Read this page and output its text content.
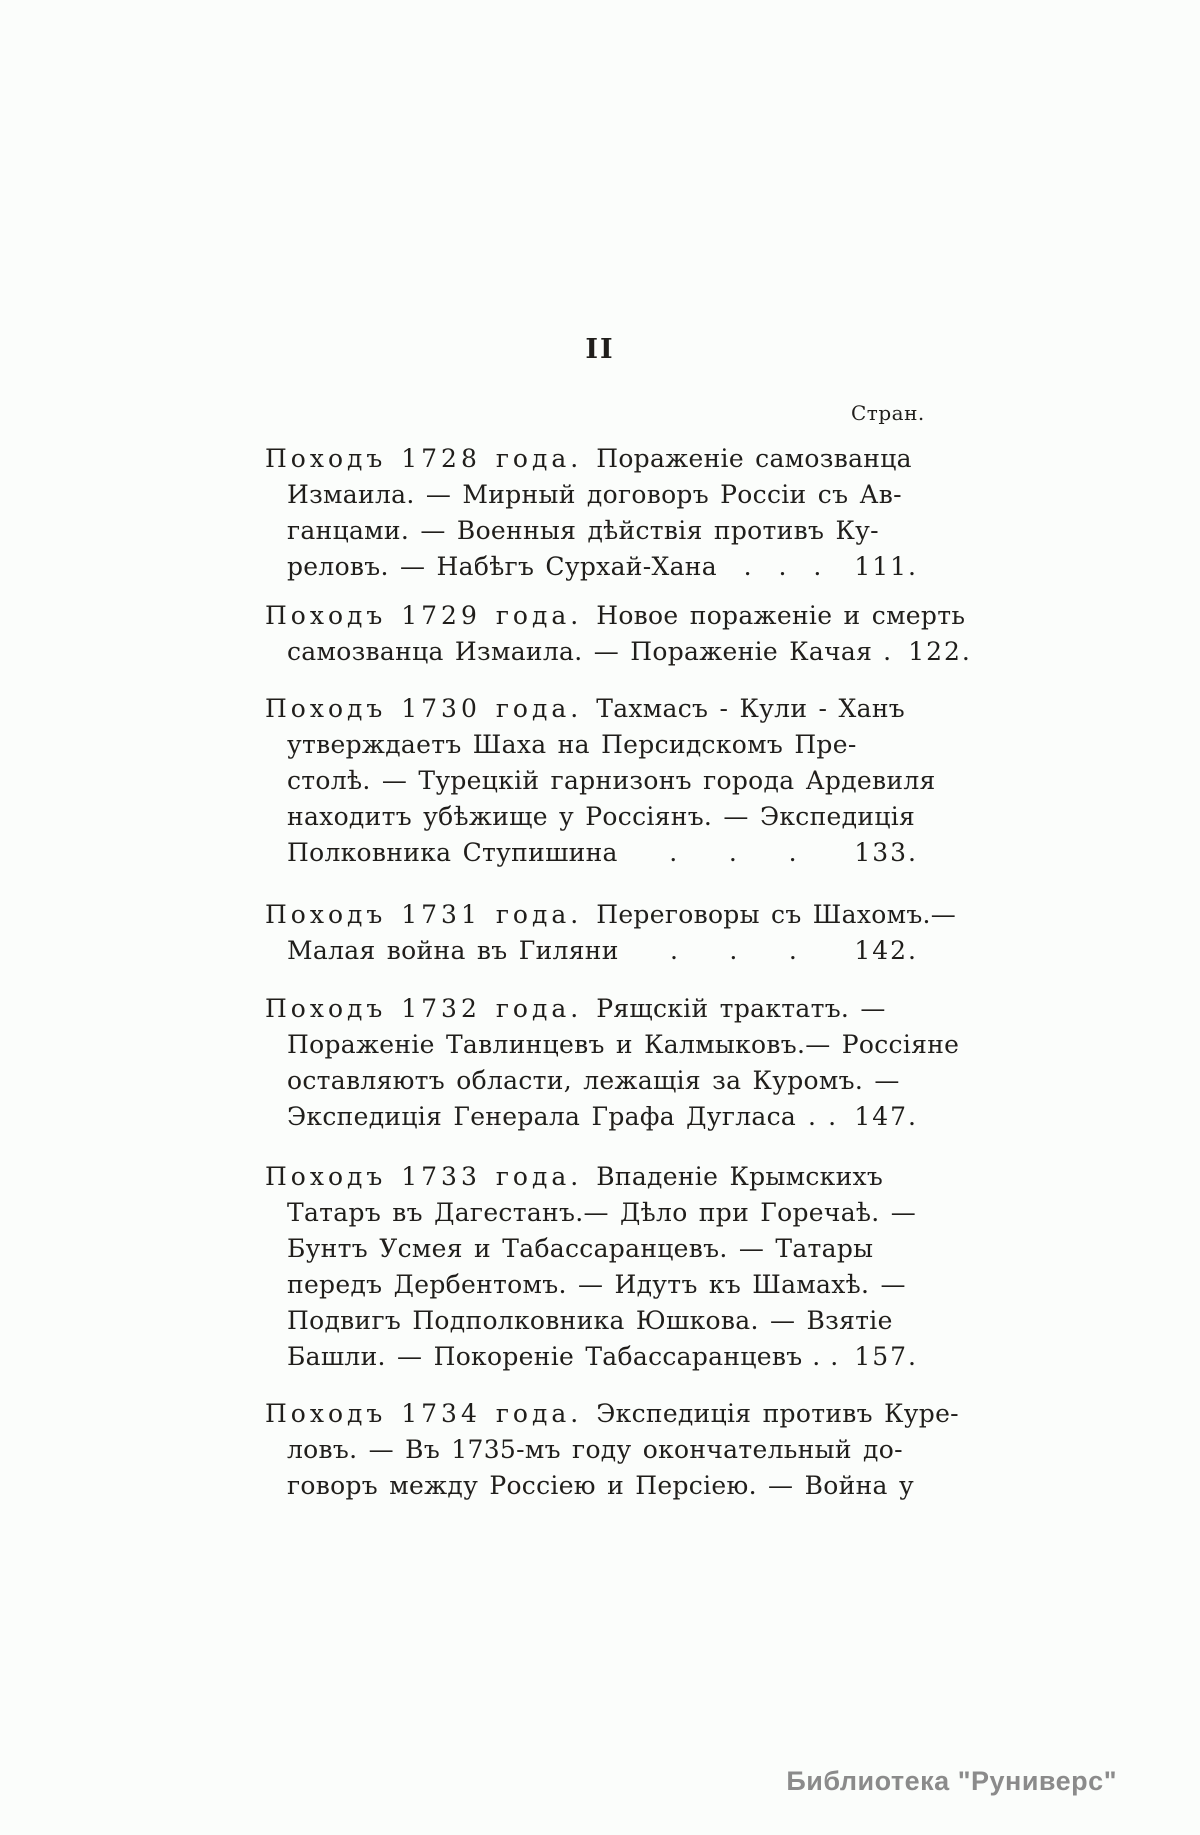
II
Стран.
Походъ 1728 года. Пораженіе самозванца
Измаила. — Мирный договоръ Россіи съ Ав-
ганцами. — Военныя дѣйствія противъ Ку-
реловъ. — Набѣгъ Сурхай-Хана . . . 111.
Походъ 1729 года. Новое пораженіе и смерть
самозванца Измаила. — Пораженіе Качая . 122.
Походъ 1730 года. Тахмасъ - Кули - Ханъ
утверждаетъ Шаха на Персидскомъ Пре-
столѣ. — Турецкій гарнизонъ города Ардевиля
находитъ убѣжище у Россіянъ. — Экспедиція
Полковника Ступишина . . . 133.
Походъ 1731 года. Переговоры съ Шахомъ.—
Малая война въ Гиляни . . . 142.
Походъ 1732 года. Рящскій трактатъ. —
Пораженіе Тавлинцевъ и Калмыковъ.— Россіяне
оставляютъ области, лежащія за Куромъ. —
Экспедиція Генерала Графа Дугласа . . 147.
Походъ 1733 года. Впаденіе Крымскихъ
Татаръ въ Дагестанъ.— Дѣло при Горечаѣ. —
Бунтъ Усмея и Табассаранцевъ. — Татары
передъ Дербентомъ. — Идутъ къ Шамахѣ. —
Подвигъ Подполковника Юшкова. — Взятіе
Башли. — Покореніе Табассаранцевъ . . 157.
Походъ 1734 года. Экспедиція противъ Куре-
ловъ. — Въ 1735-мъ году окончательный до-
говоръ между Россіею и Персіею. — Война у
Библиотека "Руниверс"
